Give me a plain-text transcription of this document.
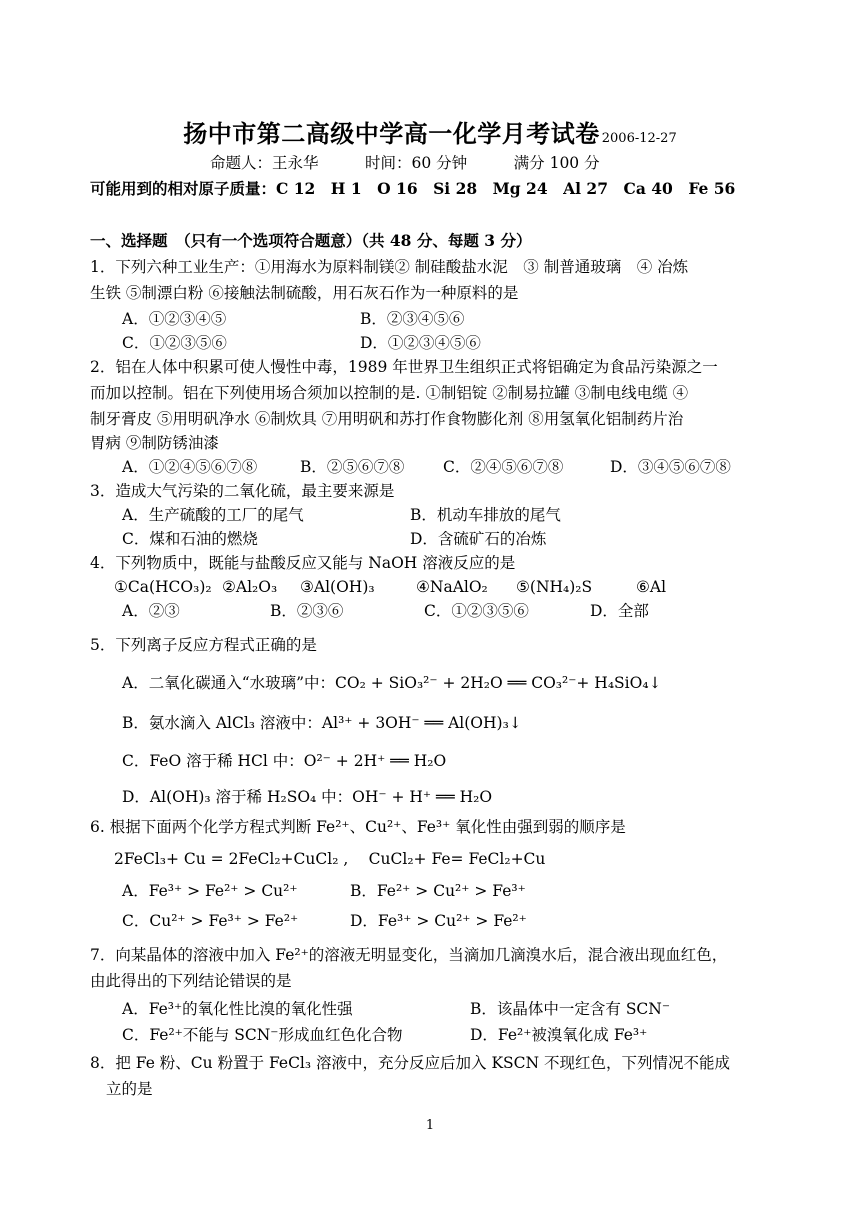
扬中市第二高级中学高一化学月考试卷 2006-12-27
命题人：王永华　　　时间：60 分钟　　　满分 100 分
可能用到的相对原子质量：C 12　H 1　O 16　Si 28　Mg 24　Al 27　Ca 40　Fe 56
一、选择题　（只有一个选项符合题意）（共 48 分、每题 3 分）
1．下列六种工业生产：①用海水为原料制镁② 制硅酸盐水泥　③ 制普通玻璃　④ 冶炼
生铁 ⑤制漂白粉 ⑥接触法制硫酸，用石灰石作为一种原料的是
A．①②③④⑤	B．②③④⑤⑥
C．①②③⑤⑥	D．①②③④⑤⑥
2．铝在人体中积累可使人慢性中毒，1989 年世界卫生组织正式将铝确定为食品污染源之一
而加以控制。铝在下列使用场合须加以控制的是. ①制铝锭 ②制易拉罐 ③制电线电缆 ④
制牙膏皮 ⑤用明矾净水 ⑥制炊具 ⑦用明矾和苏打作食物膨化剂 ⑧用氢氧化铝制药片治
胃病 ⑨制防锈油漆
A．①②④⑤⑥⑦⑧	B．②⑤⑥⑦⑧ C．②④⑤⑥⑦⑧	D．③④⑤⑥⑦⑧
3．造成大气污染的二氧化硫，最主要来源是
A．生产硫酸的工厂的尾气	B．机动车排放的尾气
C．煤和石油的燃烧	D．含硫矿石的冶炼
4．下列物质中，既能与盐酸反应又能与 NaOH 溶液反应的是
①Ca(HCO₃)₂ ②Al₂O₃ ③Al(OH)₃	④NaAlO₂ ⑤(NH₄)₂S	⑥Al
A．②③	B．②③⑥	C．①②③⑤⑥	D．全部
5．下列离子反应方程式正确的是
A．二氧化碳通入“水玻璃”中：CO₂ + SiO₃²⁻ + 2H₂O ══ CO₃²⁻+ H₄SiO₄↓
B．氨水滴入 AlCl₃ 溶液中：Al³⁺ + 3OH⁻ ══ Al(OH)₃↓
C．FeO 溶于稀 HCl 中：O²⁻ + 2H⁺ ══ H₂O
D．Al(OH)₃ 溶于稀 H₂SO₄ 中：OH⁻ + H⁺ ══ H₂O
6. 根据下面两个化学方程式判断 Fe²⁺、Cu²⁺、Fe³⁺ 氧化性由强到弱的顺序是
2FeCl₃+ Cu = 2FeCl₂+CuCl₂ ,　 CuCl₂+ Fe= FeCl₂+Cu
A．Fe³⁺ > Fe²⁺ > Cu²⁺	B．Fe²⁺ > Cu²⁺ > Fe³⁺
C．Cu²⁺ > Fe³⁺ > Fe²⁺	D．Fe³⁺ > Cu²⁺ > Fe²⁺
7．向某晶体的溶液中加入 Fe²⁺的溶液无明显变化，当滴加几滴溴水后，混合液出现血红色，
由此得出的下列结论错误的是
A．Fe³⁺的氧化性比溴的氧化性强	B．该晶体中一定含有 SCN⁻
C．Fe²⁺不能与 SCN⁻形成血红色化合物	D．Fe²⁺被溴氧化成 Fe³⁺
8．把 Fe 粉、Cu 粉置于 FeCl₃ 溶液中，充分反应后加入 KSCN 不现红色，下列情况不能成
立的是
1
